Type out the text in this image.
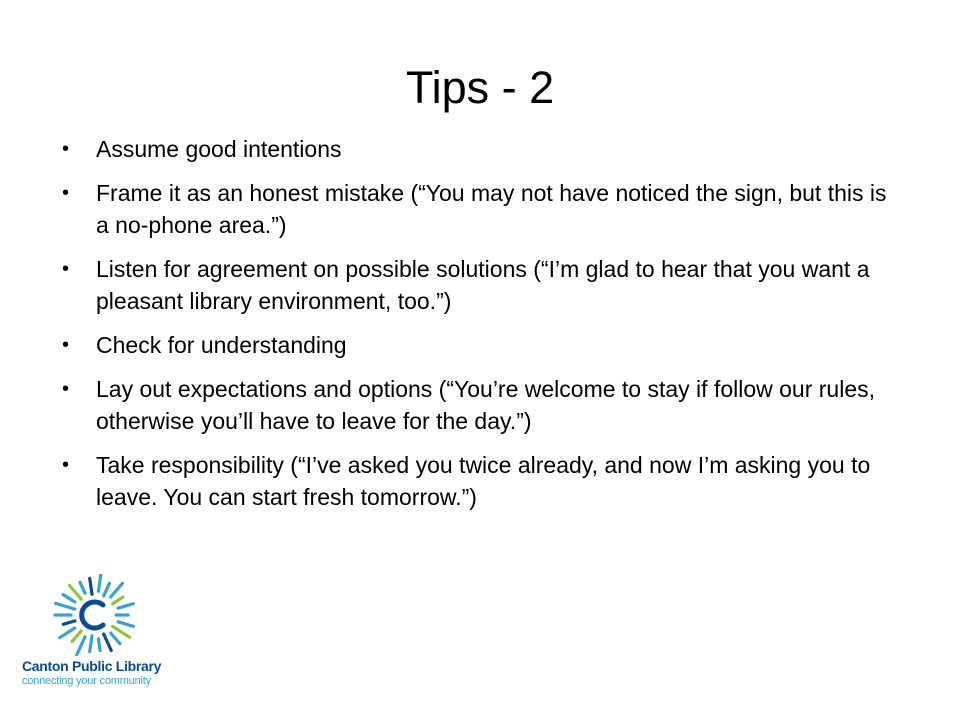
Tips - 2
• Assume good intentions
• Frame it as an honest mistake (“You may not have noticed the sign, but this is a no-phone area.”)
• Listen for agreement on possible solutions (“I’m glad to hear that you want a pleasant library environment, too.”)
• Check for understanding
• Lay out expectations and options (“You’re welcome to stay if follow our rules, otherwise you’ll have to leave for the day.”)
• Take responsibility (“I’ve asked you twice already, and now I’m asking you to leave. You can start fresh tomorrow.”)
Canton Public Library
connecting your community
